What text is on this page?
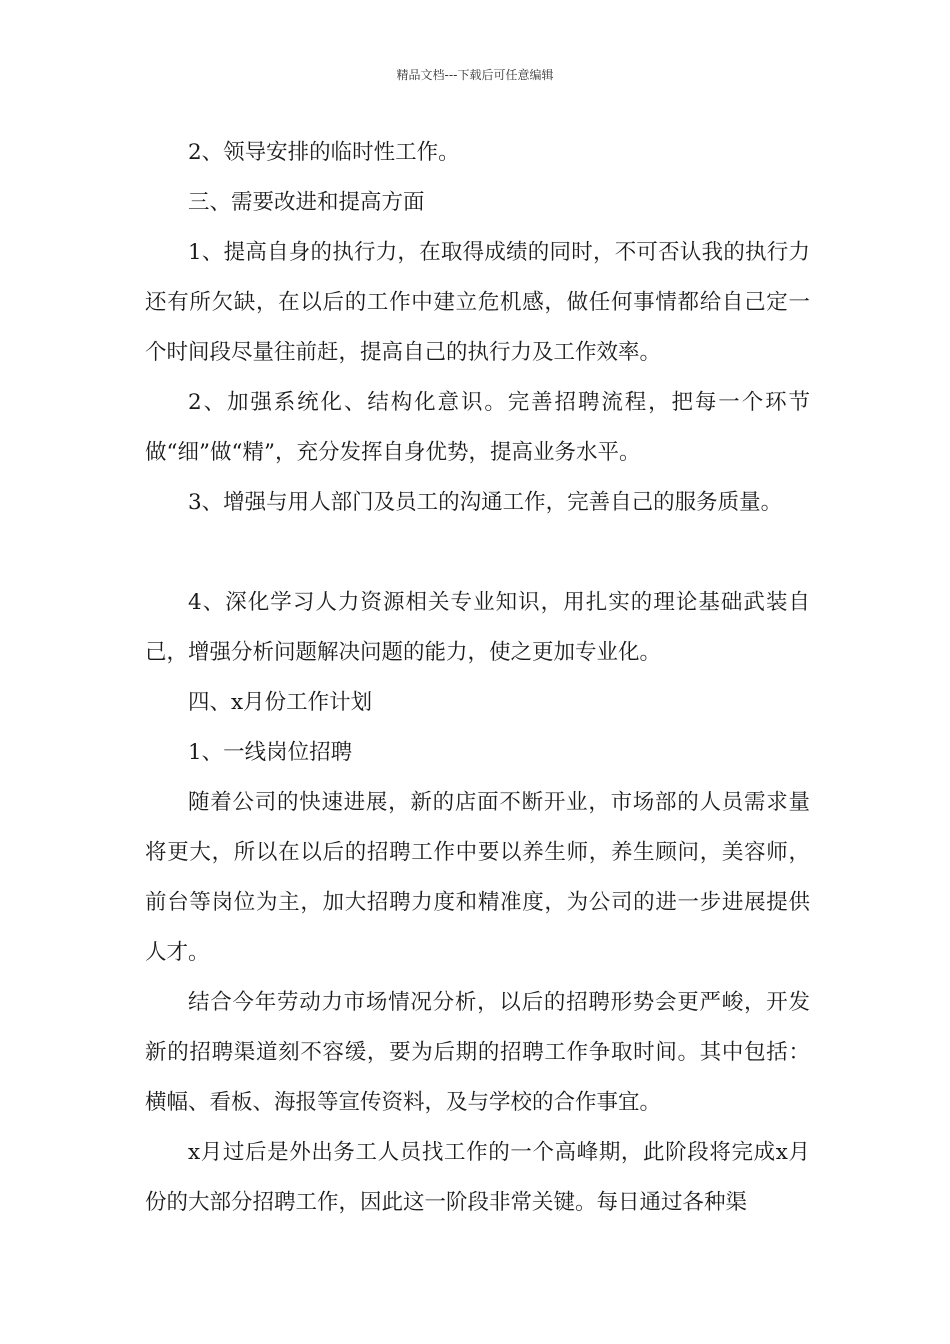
精品文档---下载后可任意编辑

2、领导安排的临时性工作。

三、需要改进和提高方面

1、提高自身的执行力，在取得成绩的同时，不可否认我的执行力还有所欠缺，在以后的工作中建立危机感，做任何事情都给自己定一个时间段尽量往前赶，提高自己的执行力及工作效率。

2、加强系统化、结构化意识。完善招聘流程，把每一个环节做“细”做“精”，充分发挥自身优势，提高业务水平。

3、增强与用人部门及员工的沟通工作，完善自己的服务质量。

4、深化学习人力资源相关专业知识，用扎实的理论基础武装自己，增强分析问题解决问题的能力，使之更加专业化。

四、x月份工作计划

1、一线岗位招聘

随着公司的快速进展，新的店面不断开业，市场部的人员需求量将更大，所以在以后的招聘工作中要以养生师，养生顾问，美容师，前台等岗位为主，加大招聘力度和精准度，为公司的进一步进展提供人才。

结合今年劳动力市场情况分析，以后的招聘形势会更严峻，开发新的招聘渠道刻不容缓，要为后期的招聘工作争取时间。其中包括：横幅、看板、海报等宣传资料，及与学校的合作事宜。

x月过后是外出务工人员找工作的一个高峰期，此阶段将完成x月份的大部分招聘工作，因此这一阶段非常关键。每日通过各种渠
